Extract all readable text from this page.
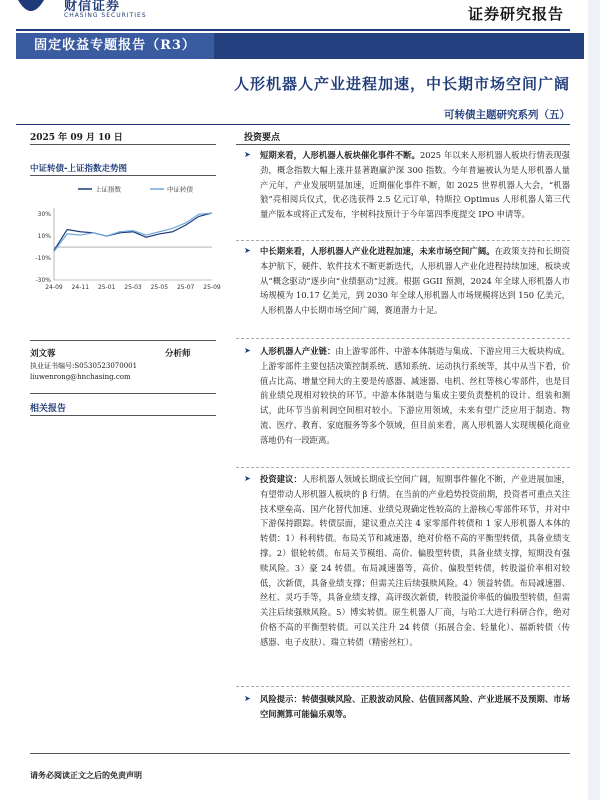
财信证券
CHASING SECURITIES	证券研究报告
固定收益专题报告（R3）
人形机器人产业进程加速，中长期市场空间广阔
可转债主题研究系列（五）
2025 年 09 月 10 日
中证转债-上证指数走势图
上证指数	中证转债
24-09 24-11 25-01 25-03 25-05 25-07 25-09
30%
10%
-10%
-30%
刘文蓉	分析师
执业证书编号:S0530523070001
liuwenrong@hnchasing.com
相关报告
投资要点
➤ 短期来看，人形机器人板块催化事件不断。2025 年以来人形机器人板块行情表现强劲，概念指数大幅上涨并显著跑赢沪深 300 指数。今年普遍被认为是人形机器人量产元年，产业发展明显加速，近期催化事件不断，如 2025 世界机器人大会，“机器狼”亮相阅兵仪式，优必选获得 2.5 亿元订单，特斯拉 Optimus 人形机器人第三代量产版本或将正式发布，宇树科技预计于今年第四季度提交 IPO 申请等。
➤ 中长期来看，人形机器人产业化进程加速，未来市场空间广阔。在政策支持和长期资本护航下，硬件、软件技术不断更新迭代，人形机器人产业化进程持续加速，板块或从“概念驱动”逐步向“业绩驱动”过渡。根据 GGII 预测，2024 年全球人形机器人市场规模为 10.17 亿美元，到 2030 年全球人形机器人市场规模将达到 150 亿美元，人形机器人中长期市场空间广阔，赛道潜力十足。
➤ 人形机器人产业链：由上游零部件、中游本体制造与集成、下游应用三大板块构成。上游零部件主要包括决策控制系统、感知系统、运动执行系统等，其中从当下看，价值占比高、增量空间大的主要是传感器、减速器、电机、丝杠等核心零部件，也是目前业绩兑现相对较快的环节。中游本体制造与集成主要负责整机的设计、组装和测试，此环节当前利润空间相对较小。下游应用领域，未来有望广泛应用于制造、物流、医疗、教育、家庭服务等多个领域，但目前来看，离人形机器人实现规模化商业落地仍有一段距离。
➤ 投资建议：人形机器人领域长期成长空间广阔，短期事件催化不断，产业进展加速，有望带动人形机器人板块的 β 行情。在当前的产业趋势投资前期，投资者可重点关注技术壁垒高、国产化替代加速、业绩兑现确定性较高的上游核心零部件环节，并对中下游保持跟踪。转债层面，建议重点关注 4 家零部件转债和 1 家人形机器人本体的转债：1）科利转债。布局关节和减速器，绝对价格不高的平衡型转债，具备业绩支撑。2）银轮转债。布局关节模组、高价、偏股型转债，具备业绩支撑，短期没有强赎风险。3）豪 24 转债。布局减速器等，高价、偏股型转债，转股溢价率相对较低，次新债，具备业绩支撑；但需关注后续强赎风险。4）领益转债。布局减速器、丝杠、灵巧手等，具备业绩支撑，高评级次新债，转股溢价率低的偏股型转债，但需关注后续强赎风险。5）博实转债。原生机器人厂商，与哈工大进行科研合作，绝对价格不高的平衡型转债。可以关注升 24 转债（拓展合金、轻量化）、福新转债（传感器、电子皮肤）、瑞立转债（精密丝杠）。
➤ 风险提示：转债强赎风险、正股波动风险、估值回落风险、产业进展不及预期、市场空间测算可能偏乐观等。
请务必阅读正文之后的免责声明
